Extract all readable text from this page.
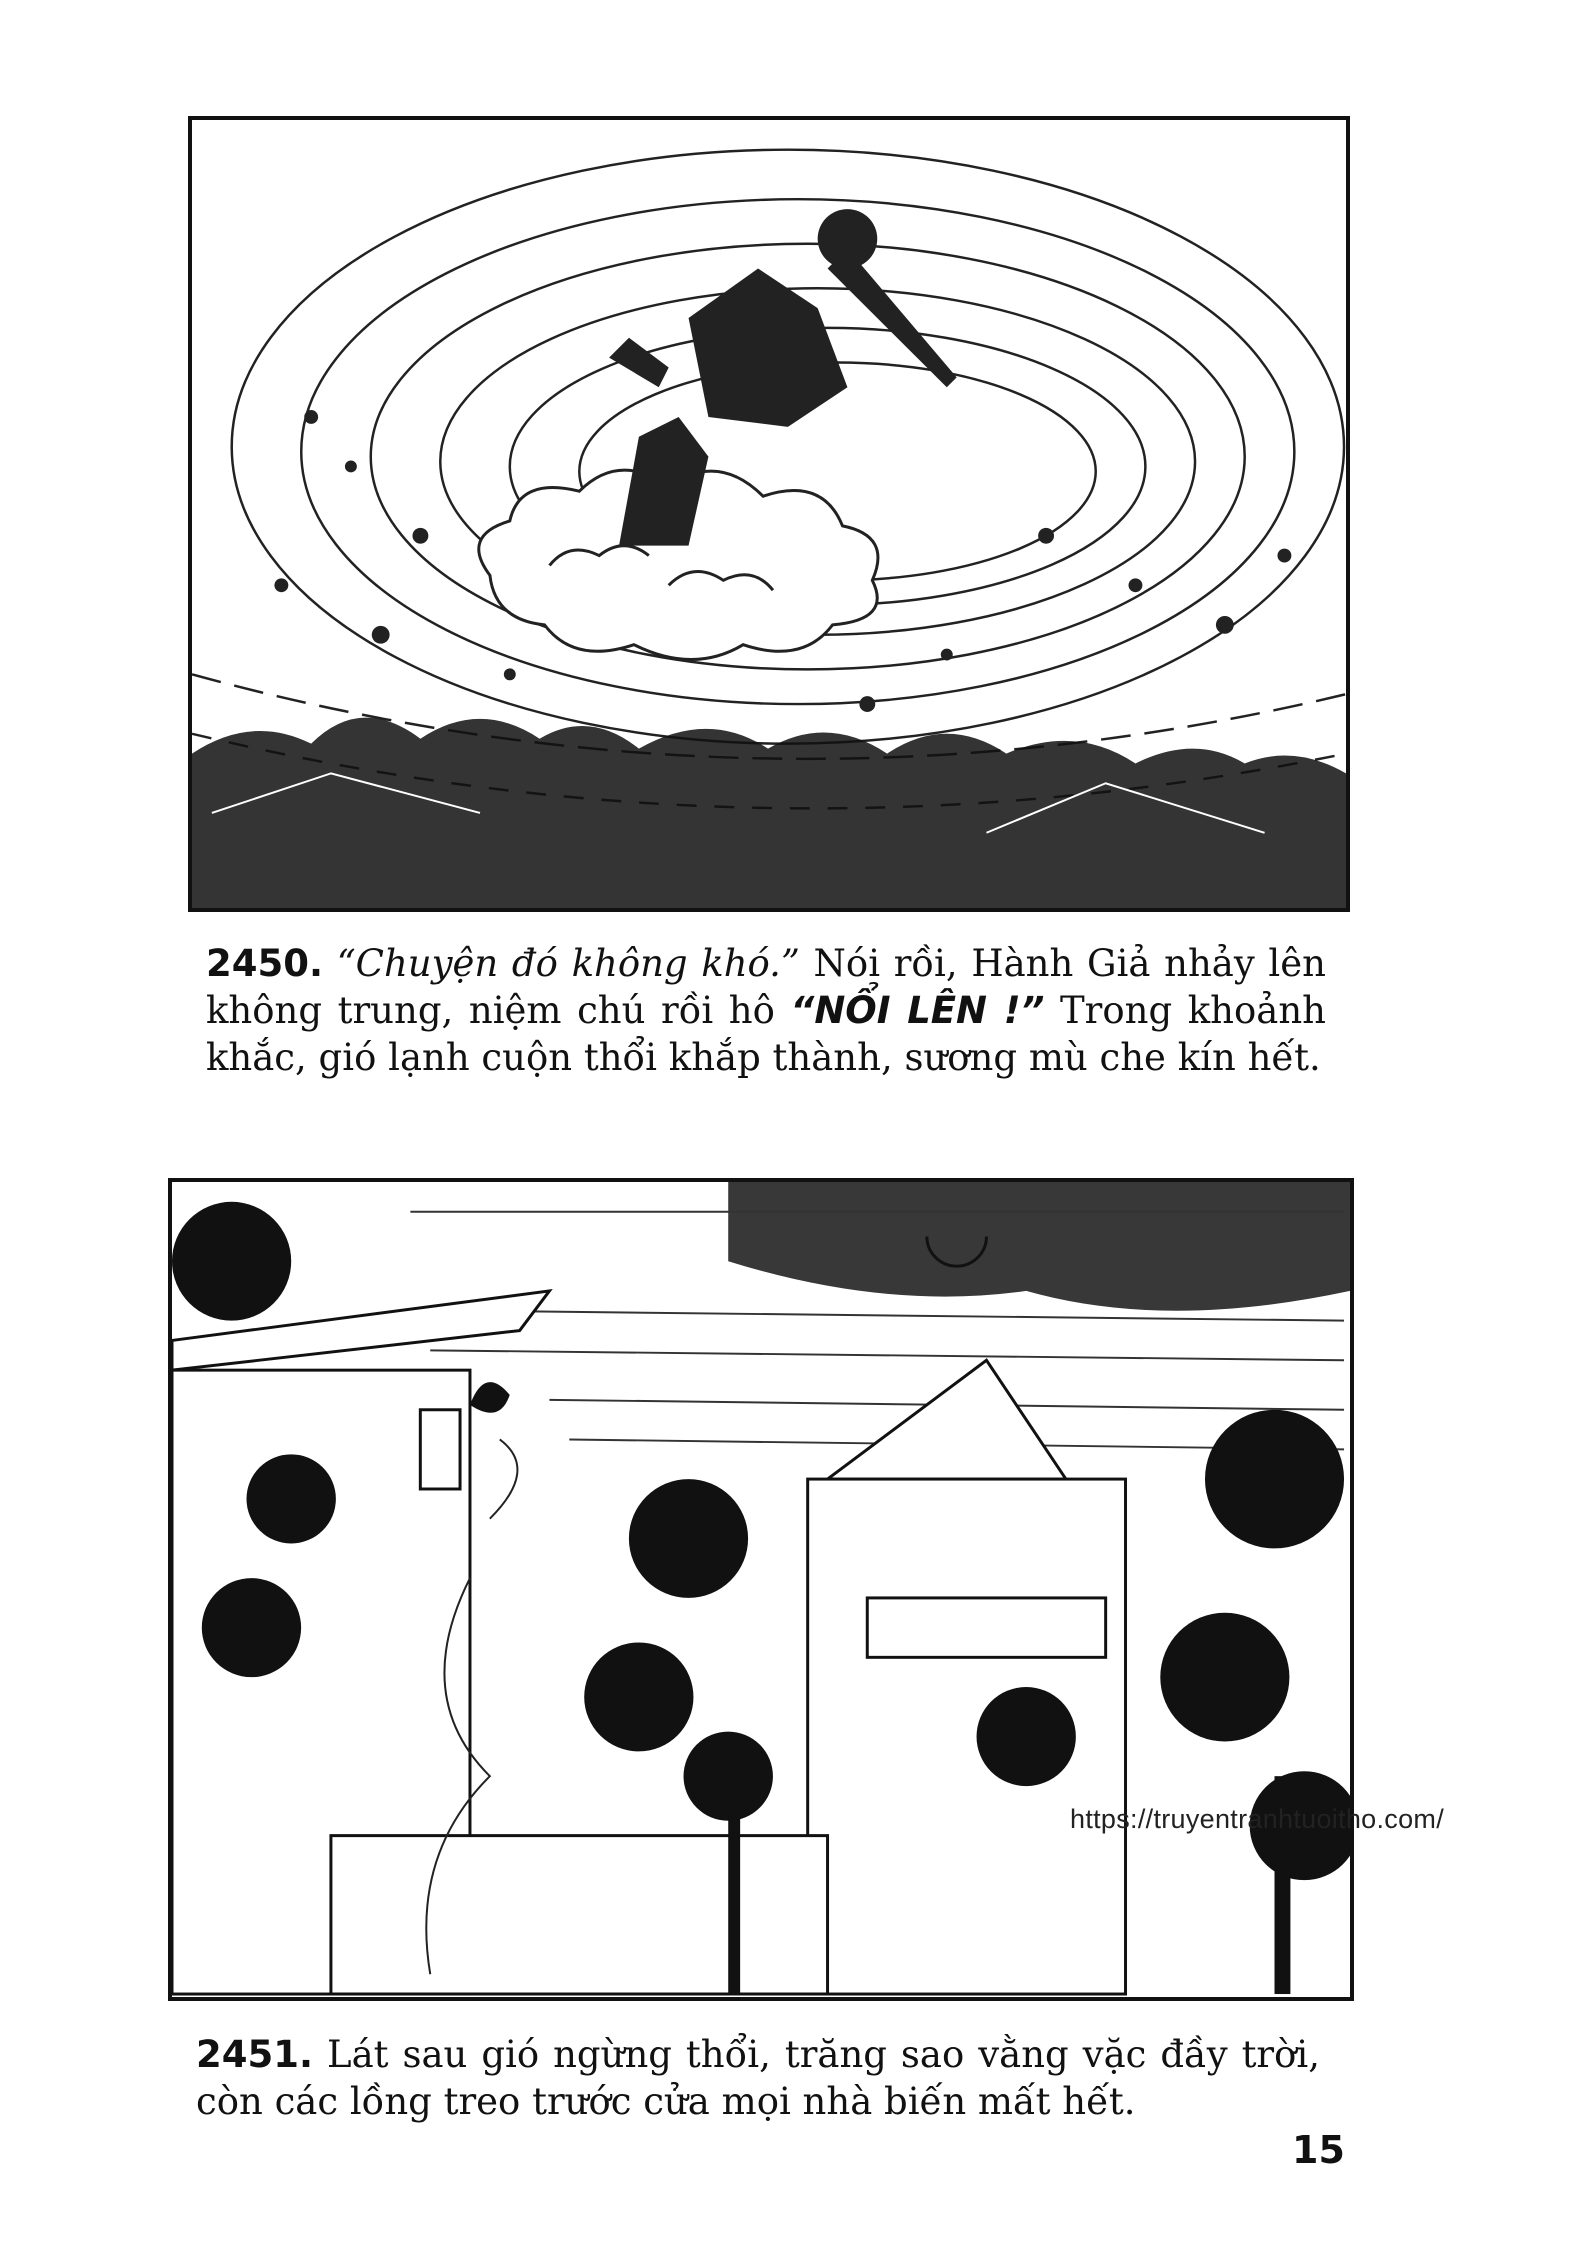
2450. “Chuyện đó không khó.” Nói rồi, Hành Giả nhảy lên không trung, niệm chú rồi hô “NỔI LÊN !” Trong khoảnh khắc, gió lạnh cuộn thổi khắp thành, sương mù che kín hết.
https://truyentranhtuoitho.com/
2451. Lát sau gió ngừng thổi, trăng sao vằng vặc đầy trời, còn các lồng treo trước cửa mọi nhà biến mất hết.
15
